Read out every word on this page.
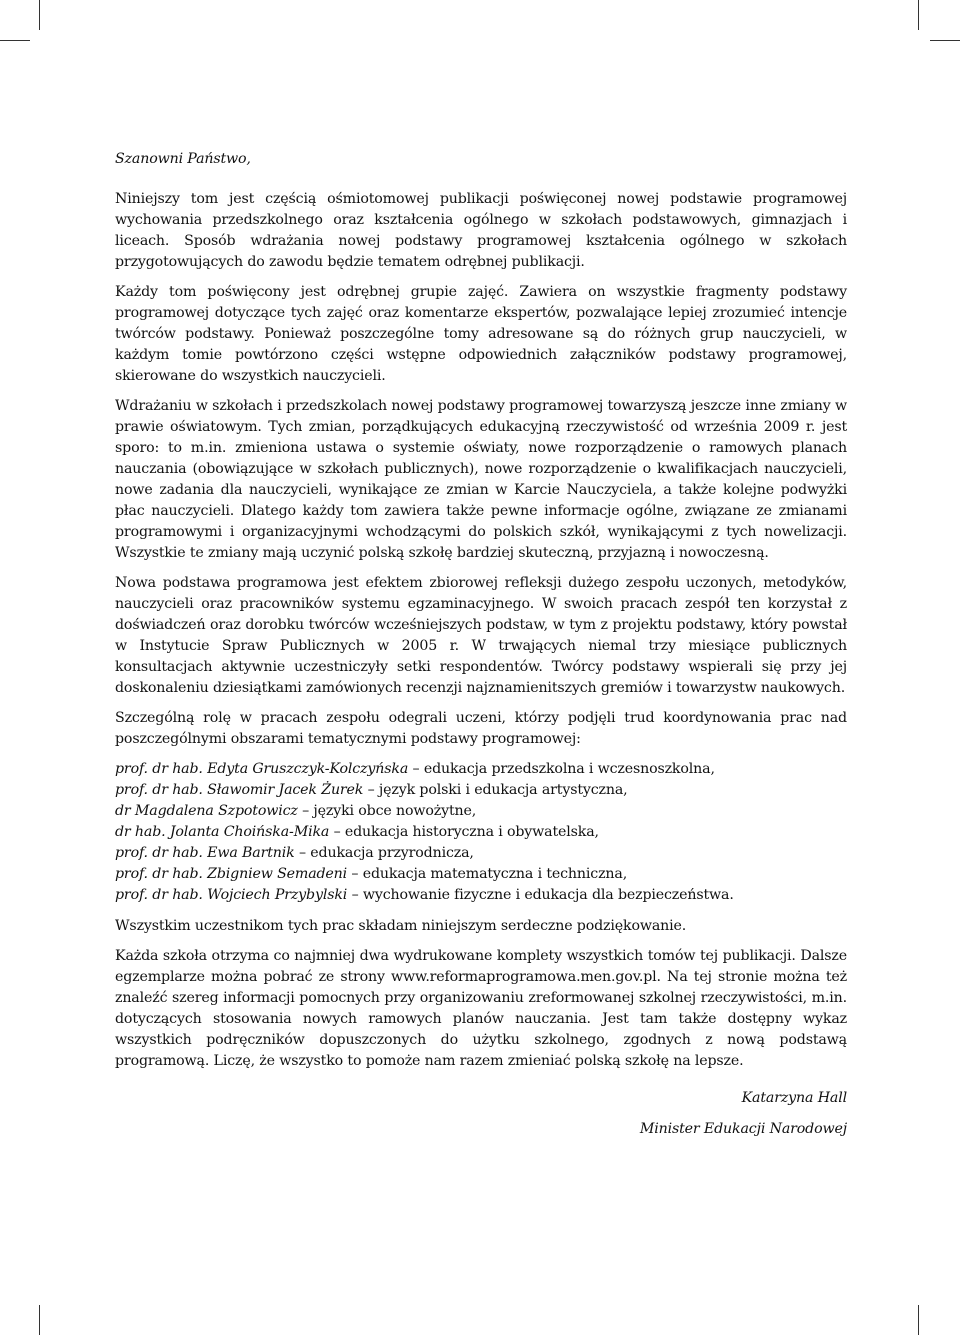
Szanowni Państwo,

Niniejszy tom jest częścią ośmiotomowej publikacji poświęconej nowej podstawie programowej wychowania przedszkolnego oraz kształcenia ogólnego w szkołach podstawowych, gimnazjach i liceach. Sposób wdrażania nowej podstawy programowej kształcenia ogólnego w szkołach przygotowujących do zawodu będzie tematem odrębnej publikacji.

Każdy tom poświęcony jest odrębnej grupie zajęć. Zawiera on wszystkie fragmenty podstawy programowej dotyczące tych zajęć oraz komentarze ekspertów, pozwalające lepiej zrozumieć intencje twórców podstawy. Ponieważ poszczególne tomy adresowane są do różnych grup nauczycieli, w każdym tomie powtórzono części wstępne odpowiednich załączników podstawy programowej, skierowane do wszystkich nauczycieli.

Wdrażaniu w szkołach i przedszkolach nowej podstawy programowej towarzyszą jeszcze inne zmiany w prawie oświatowym. Tych zmian, porządkujących edukacyjną rzeczywistość od września 2009 r. jest sporo: to m.in. zmieniona ustawa o systemie oświaty, nowe rozporządzenie o ramowych planach nauczania (obowiązujące w szkołach publicznych), nowe rozporządzenie o kwalifikacjach nauczycieli, nowe zadania dla nauczycieli, wynikające ze zmian w Karcie Nauczyciela, a także kolejne podwyżki płac nauczycieli. Dlatego każdy tom zawiera także pewne informacje ogólne, związane ze zmianami programowymi i organizacyjnymi wchodzącymi do polskich szkół, wynikającymi z tych nowelizacji. Wszystkie te zmiany mają uczynić polską szkołę bardziej skuteczną, przyjazną i nowoczesną.

Nowa podstawa programowa jest efektem zbiorowej refleksji dużego zespołu uczonych, metodyków, nauczycieli oraz pracowników systemu egzaminacyjnego. W swoich pracach zespół ten korzystał z doświadczeń oraz dorobku twórców wcześniejszych podstaw, w tym z projektu podstawy, który powstał w Instytucie Spraw Publicznych w 2005 r. W trwających niemal trzy miesiące publicznych konsultacjach aktywnie uczestniczyły setki respondentów. Twórcy podstawy wspierali się przy jej doskonaleniu dziesiątkami zamówionych recenzji najznamienitszych gremiów i towarzystw naukowych.

Szczególną rolę w pracach zespołu odegrali uczeni, którzy podjęli trud koordynowania prac nad poszczególnymi obszarami tematycznymi podstawy programowej:

prof. dr hab. Edyta Gruszczyk-Kolczyńska – edukacja przedszkolna i wczesnoszkolna,

prof. dr hab. Sławomir Jacek Żurek – język polski i edukacja artystyczna,

dr Magdalena Szpotowicz – języki obce nowożytne,

dr hab. Jolanta Choińska-Mika – edukacja historyczna i obywatelska,

prof. dr hab. Ewa Bartnik – edukacja przyrodnicza,

prof. dr hab. Zbigniew Semadeni – edukacja matematyczna i techniczna,

prof. dr hab. Wojciech Przybylski – wychowanie fizyczne i edukacja dla bezpieczeństwa.

Wszystkim uczestnikom tych prac składam niniejszym serdeczne podziękowanie.

Każda szkoła otrzyma co najmniej dwa wydrukowane komplety wszystkich tomów tej publikacji. Dalsze egzemplarze można pobrać ze strony www.reformaprogramowa.men.gov.pl. Na tej stronie można też znaleźć szereg informacji pomocnych przy organizowaniu zreformowanej szkolnej rzeczywistości, m.in. dotyczących stosowania nowych ramowych planów nauczania. Jest tam także dostępny wykaz wszystkich podręczników dopuszczonych do użytku szkolnego, zgodnych z nową podstawą programową. Liczę, że wszystko to pomoże nam razem zmieniać polską szkołę na lepsze.

Katarzyna Hall

Minister Edukacji Narodowej
